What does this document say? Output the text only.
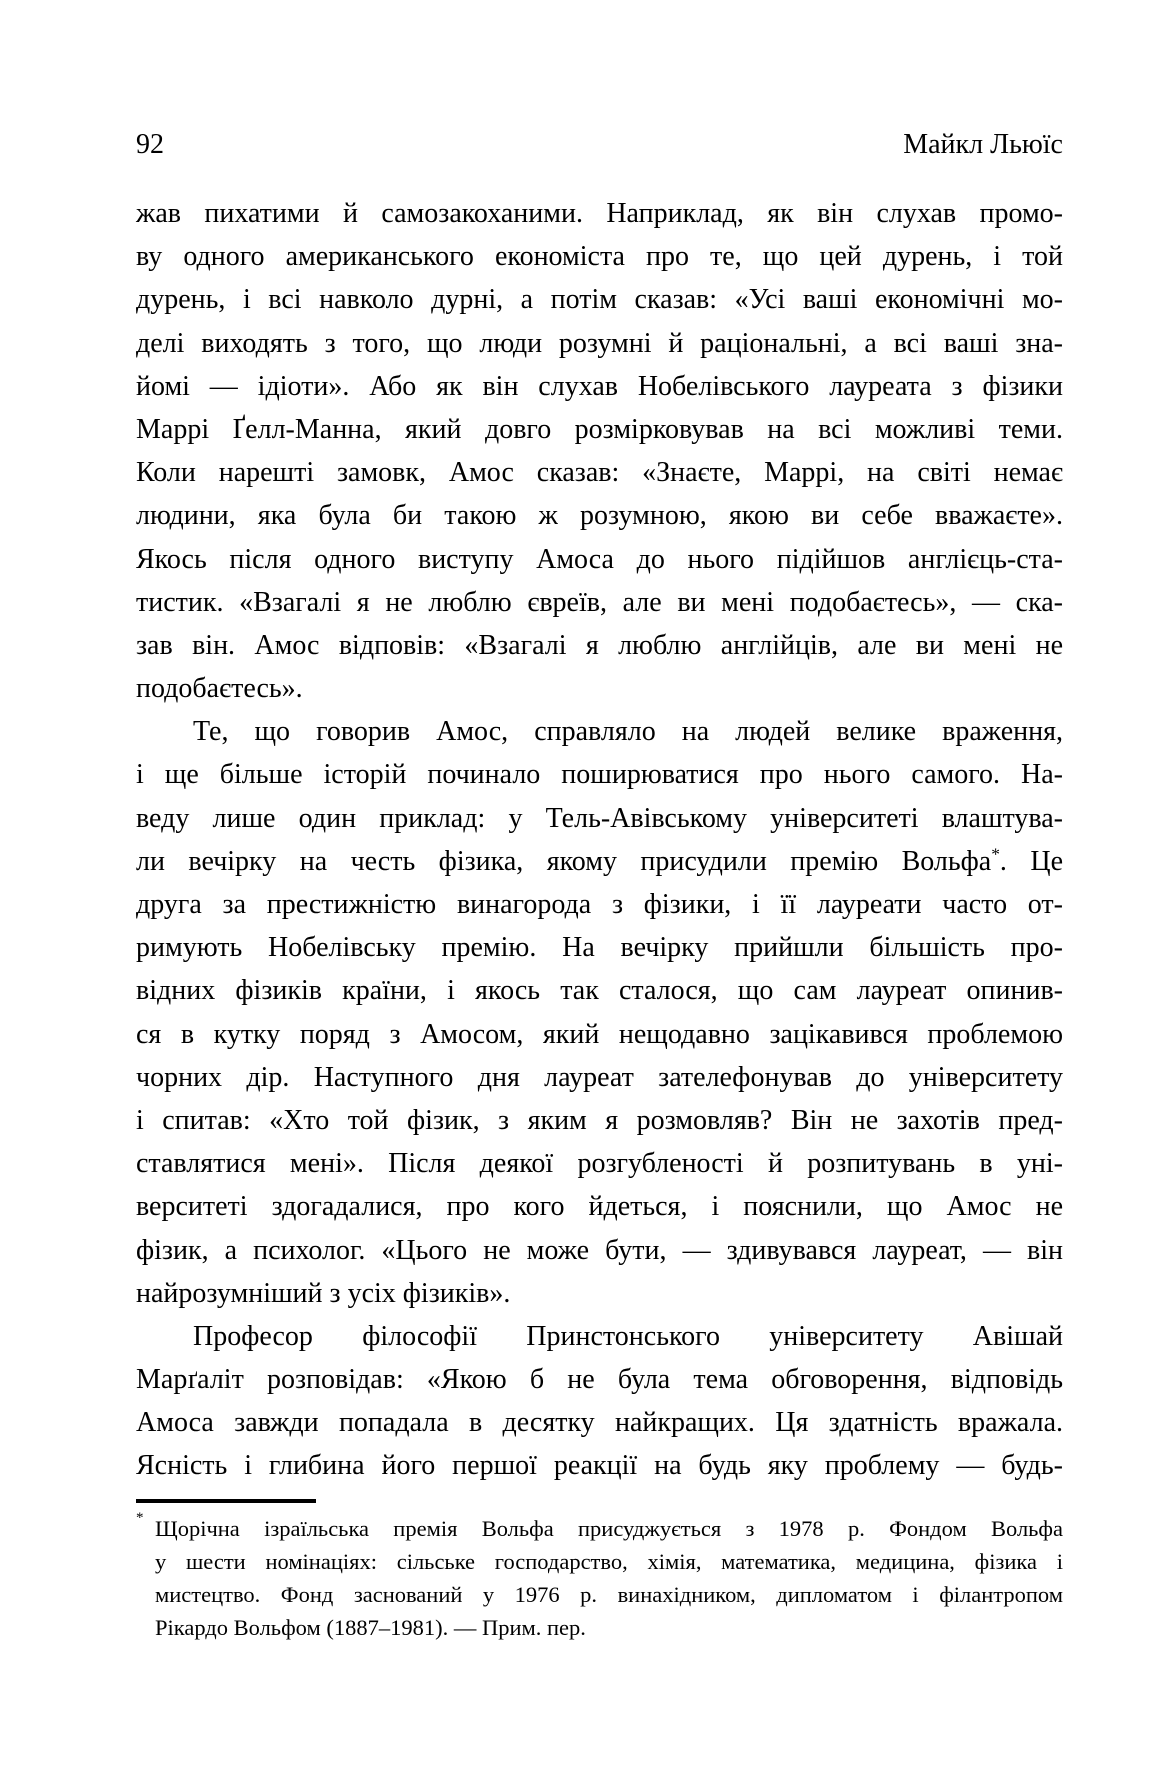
92	Майкл Льюїс
жав пихатими й самозакоханими. Наприклад, як він слухав промо-
ву одного американського економіста про те, що цей дурень, і той
дурень, і всі навколо дурні, а потім сказав: «Усі ваші економічні мо-
делі виходять з того, що люди розумні й раціональні, а всі ваші зна-
йомі — ідіоти». Або як він слухав Нобелівського лауреата з фізики
Маррі Ґелл-Манна, який довго розмірковував на всі можливі теми.
Коли нарешті замовк, Амос сказав: «Знаєте, Маррі, на світі немає
людини, яка була би такою ж розумною, якою ви себе вважаєте».
Якось після одного виступу Амоса до нього підійшов англієць-ста-
тистик. «Взагалі я не люблю євреїв, але ви мені подобаєтесь», — ска-
зав він. Амос відповів: «Взагалі я люблю англійців, але ви мені не
подобаєтесь».
Те, що говорив Амос, справляло на людей велике враження,
і ще більше історій починало поширюватися про нього самого. На-
веду лише один приклад: у Тель-Авівському університеті влаштува-
ли вечірку на честь фізика, якому присудили премію Вольфа*. Це
друга за престижністю винагорода з фізики, і її лауреати часто от-
римують Нобелівську премію. На вечірку прийшли більшість про-
відних фізиків країни, і якось так сталося, що сам лауреат опинив-
ся в кутку поряд з Амосом, який нещодавно зацікавився проблемою
чорних дір. Наступного дня лауреат зателефонував до університету
і спитав: «Хто той фізик, з яким я розмовляв? Він не захотів пред-
ставлятися мені». Після деякої розгубленості й розпитувань в уні-
верситеті здогадалися, про кого йдеться, і пояснили, що Амос не
фізик, а психолог. «Цього не може бути, — здивувався лауреат, — він
найрозумніший з усіх фізиків».
Професор філософії Принстонського університету Авішай
Марґаліт розповідав: «Якою б не була тема обговорення, відповідь
Амоса завжди попадала в десятку найкращих. Ця здатність вражала.
Ясність і глибина його першої реакції на будь яку проблему — будь-
* Щорічна ізраїльська премія Вольфа присуджується з 1978 р. Фондом Вольфа
у шести номінаціях: сільське господарство, хімія, математика, медицина, фізика і
мистецтво. Фонд заснований у 1976 р. винахідником, дипломатом і філантропом
Рікардо Вольфом (1887–1981). — Прим. пер.
